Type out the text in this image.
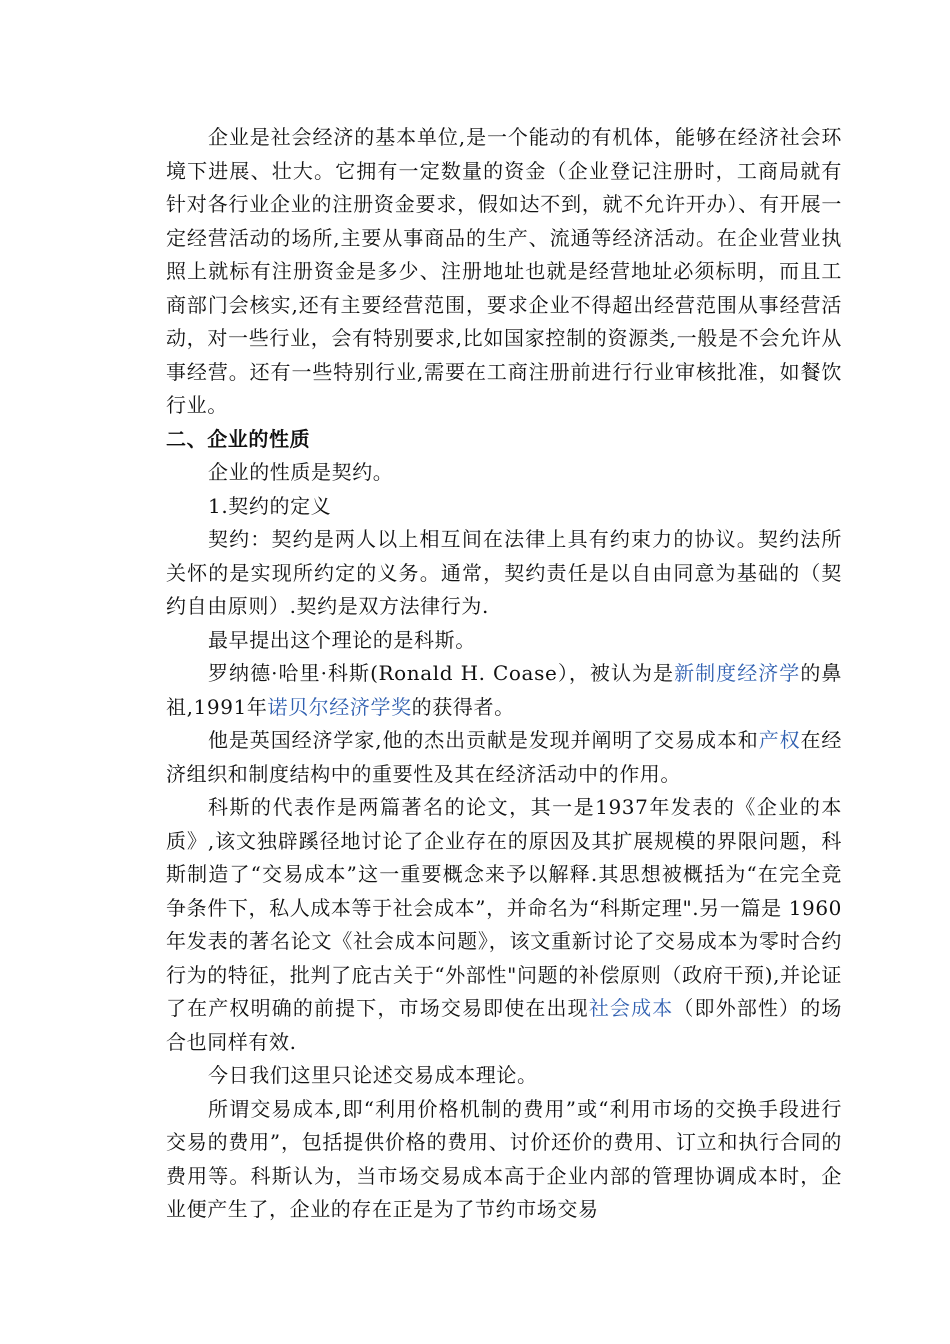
企业是社会经济的基本单位,是一个能动的有机体，能够在经济社会环境下进展、壮大。它拥有一定数量的资金（企业登记注册时，工商局就有针对各行业企业的注册资金要求，假如达不到，就不允许开办）、有开展一定经营活动的场所,主要从事商品的生产、流通等经济活动。在企业营业执照上就标有注册资金是多少、注册地址也就是经营地址必须标明，而且工商部门会核实,还有主要经营范围，要求企业不得超出经营范围从事经营活动，对一些行业，会有特别要求,比如国家控制的资源类,一般是不会允许从事经营。还有一些特别行业,需要在工商注册前进行行业审核批准，如餐饮行业。

二、企业的性质

企业的性质是契约。

1.契约的定义

契约：契约是两人以上相互间在法律上具有约束力的协议。契约法所关怀的是实现所约定的义务。通常，契约责任是以自由同意为基础的（契约自由原则）.契约是双方法律行为.

最早提出这个理论的是科斯。

罗纳德·哈里·科斯(Ronald H. Coase），被认为是新制度经济学的鼻祖,1991年诺贝尔经济学奖的获得者。

他是英国经济学家,他的杰出贡献是发现并阐明了交易成本和产权在经济组织和制度结构中的重要性及其在经济活动中的作用。

科斯的代表作是两篇著名的论文，其一是1937年发表的《企业的本质》,该文独辟蹊径地讨论了企业存在的原因及其扩展规模的界限问题，科斯制造了“交易成本”这一重要概念来予以解释.其思想被概括为“在完全竞争条件下，私人成本等于社会成本”，并命名为“科斯定理".另一篇是 1960年发表的著名论文《社会成本问题》，该文重新讨论了交易成本为零时合约行为的特征，批判了庇古关于“外部性"问题的补偿原则（政府干预),并论证了在产权明确的前提下，市场交易即使在出现社会成本（即外部性）的场合也同样有效.

今日我们这里只论述交易成本理论。

所谓交易成本,即“利用价格机制的费用”或“利用市场的交换手段进行交易的费用”，包括提供价格的费用、讨价还价的费用、订立和执行合同的费用等。科斯认为，当市场交易成本高于企业内部的管理协调成本时，企业便产生了，企业的存在正是为了节约市场交易
